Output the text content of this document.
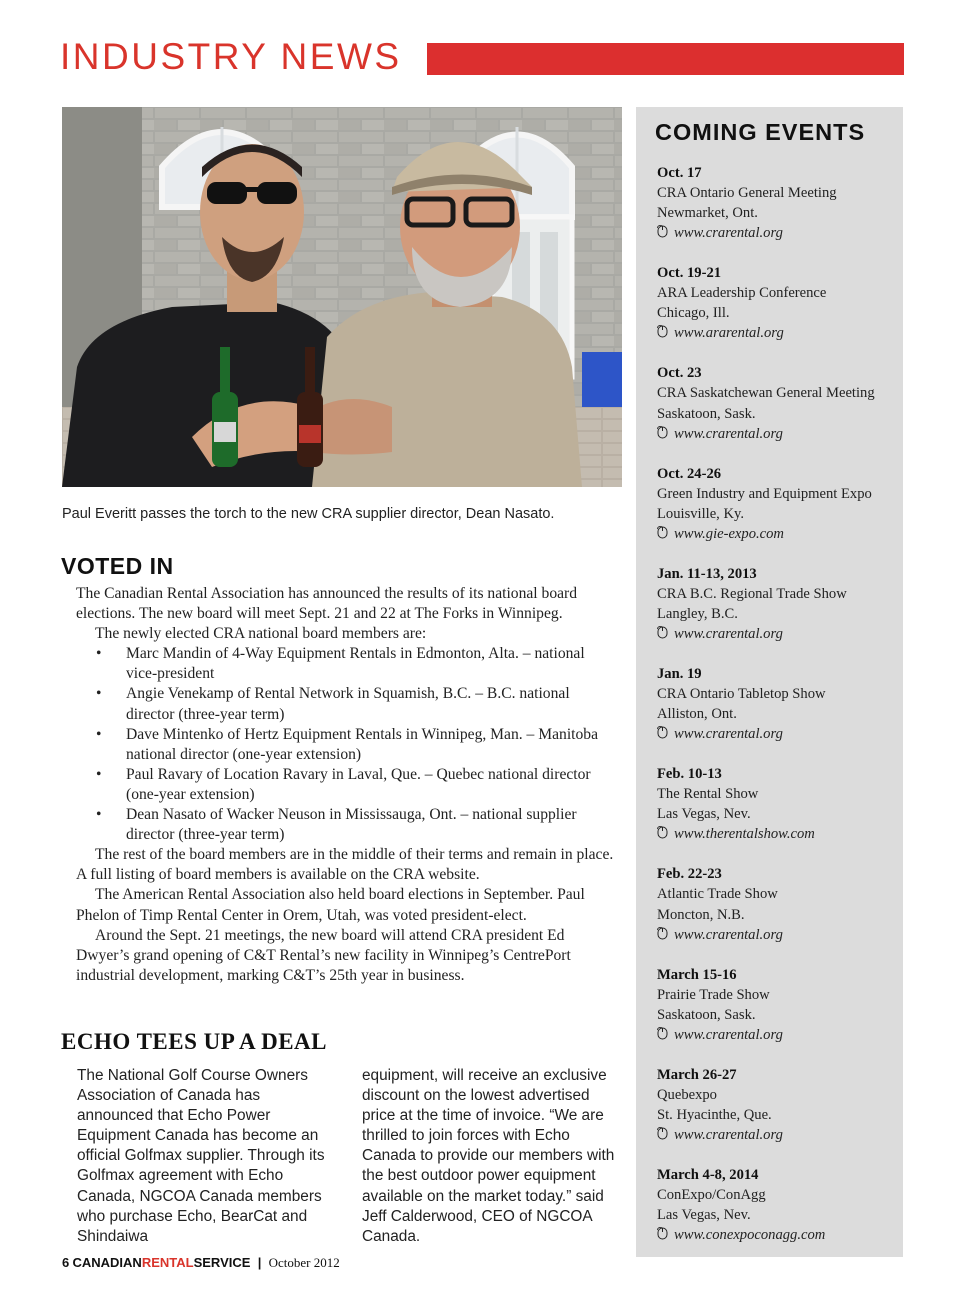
INDUSTRY NEWS
Paul Everitt passes the torch to the new CRA supplier director, Dean Nasato.
VOTED IN

The Canadian Rental Association has announced the results of its national board elections. The new board will meet Sept. 21 and 22 at The Forks in Winnipeg.

The newly elected CRA national board members are:

• Marc Mandin of 4-Way Equipment Rentals in Edmonton, Alta. – national vice-president
• Angie Venekamp of Rental Network in Squamish, B.C. – B.C. national director (three-year term)
• Dave Mintenko of Hertz Equipment Rentals in Winnipeg, Man. – Manitoba national director (one-year extension)
• Paul Ravary of Location Ravary in Laval, Que. – Quebec national director (one-year extension)
• Dean Nasato of Wacker Neuson in Mississauga, Ont. – national supplier director (three-year term)

The rest of the board members are in the middle of their terms and remain in place. A full listing of board members is available on the CRA website.

The American Rental Association also held board elections in September. Paul Phelon of Timp Rental Center in Orem, Utah, was voted president-elect.

Around the Sept. 21 meetings, the new board will attend CRA president Ed Dwyer’s grand opening of C&T Rental’s new facility in Winnipeg’s CentrePort industrial development, marking C&T’s 25th year in business.

ECHO TEES UP A DEAL
The National Golf Course Owners Association of Canada has announced that Echo Power Equipment Canada has become an official Golfmax supplier. Through its Golfmax agreement with Echo Canada, NGCOA Canada members who purchase Echo, BearCat and Shindaiwa
equipment, will receive an exclusive discount on the lowest advertised price at the time of invoice. “We are thrilled to join forces with Echo Canada to provide our members with the best outdoor power equipment available on the market today.” said Jeff Calderwood, CEO of NGCOA Canada.
6 CANADIANRENTALSERVICE | October 2012
COMING EVENTS
Oct. 17
CRA Ontario General Meeting
Newmarket, Ont.
www.crarental.org
Oct. 19-21
ARA Leadership Conference
Chicago, Ill.
www.ararental.org
Oct. 23
CRA Saskatchewan General Meeting
Saskatoon, Sask.
www.crarental.org
Oct. 24-26
Green Industry and Equipment Expo
Louisville, Ky.
www.gie-expo.com
Jan. 11-13, 2013
CRA B.C. Regional Trade Show
Langley, B.C.
www.crarental.org
Jan. 19
CRA Ontario Tabletop Show
Alliston, Ont.
www.crarental.org
Feb. 10-13
The Rental Show
Las Vegas, Nev.
www.therentalshow.com
Feb. 22-23
Atlantic Trade Show
Moncton, N.B.
www.crarental.org
March 15-16
Prairie Trade Show
Saskatoon, Sask.
www.crarental.org
March 26-27
Quebexpo
St. Hyacinthe, Que.
www.crarental.org
March 4-8, 2014
ConExpo/ConAgg
Las Vegas, Nev.
www.conexpoconagg.com
